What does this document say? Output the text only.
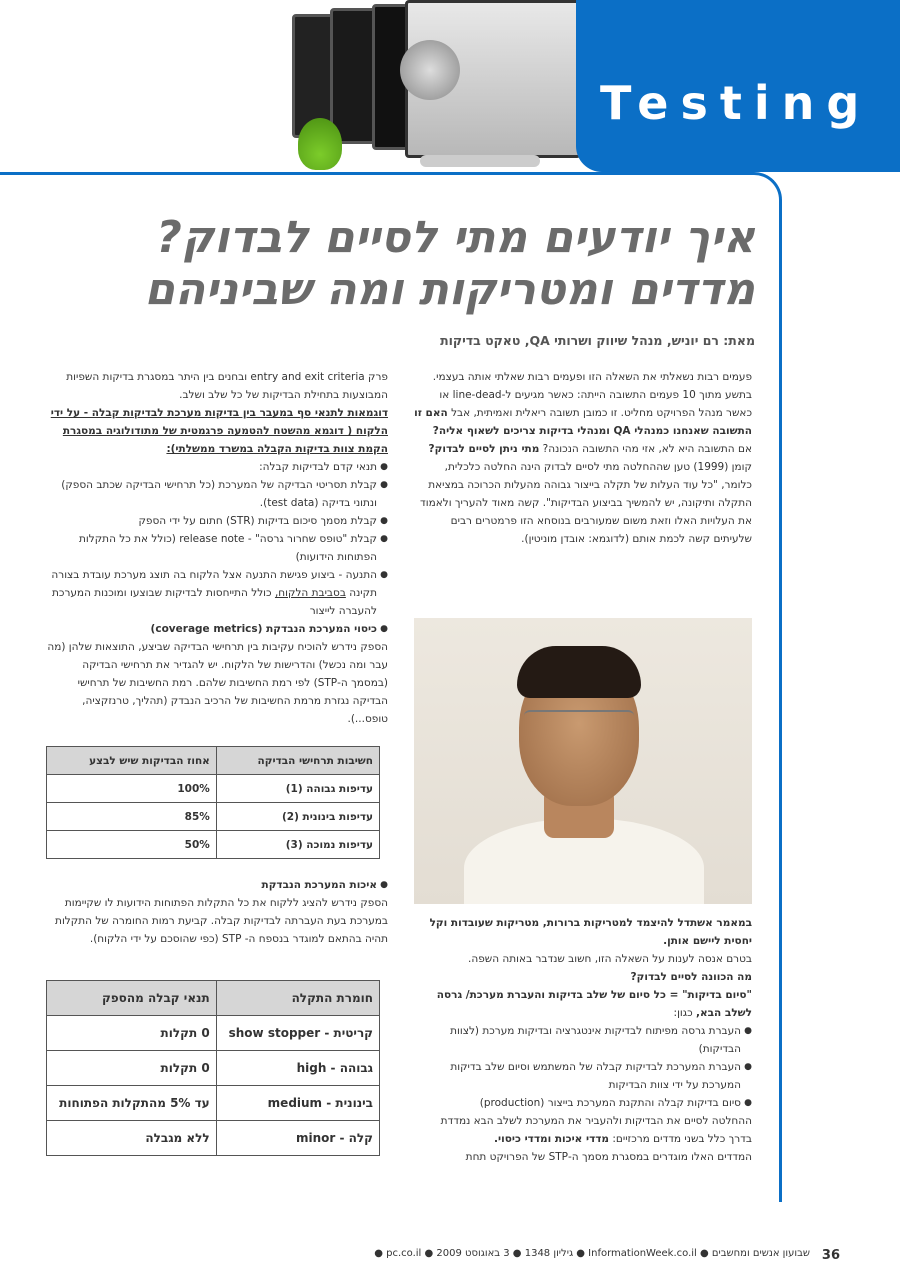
Testing
איך יודעים מתי לסיים לבדוק?
מדדים ומטריקות ומה שביניהם
מאת: רם יוניש, מנהל שיווק ושרותי QA, טאקט בדיקות

פעמים רבות נשאלתי את השאלה הזו ופעמים רבות שאלתי אותה בעצמי. בתשע מתוך 10 פעמים התשובה הייתה: כאשר מגיעים ל-line-dead או כאשר מנהל הפרויקט מחליט. זו כמובן תשובה ריאלית ואמיתית, אבל האם זו התשובה שאנחנו כמנהלי QA ומנהלי בדיקות צריכים לשאוף אליה?

אם התשובה היא לא, אזי מהי התשובה הנכונה? מתי ניתן לסיים לבדוק?

קומן (1999) טען שההחלטה מתי לסיים לבדוק הינה החלטה כלכלית, כלומר, "כל עוד העלות של תקלה בייצור גבוהה מהעלות הכרוכה במציאת התקלה ותיקונה, יש להמשיך בביצוע הבדיקות". קשה מאוד להעריך ולאמוד את העלויות האלו וזאת משום שמעורבים בנוסחא הזו פרמטרים רבים שלעיתים קשה לכמת אותם (לדוגמא: אובדן מוניטין).

במאמר אשתדל להיצמד למטריקות ברורות, מטריקות שעובדות וקל יחסית ליישם אותן.

בטרם אנסה לענות על השאלה הזו, חשוב שנדבר באותה השפה.
מה הכוונה לסיים לבדוק?

"סיום בדיקות" = כל סיום של שלב בדיקות והעברת מערכת/ גרסה לשלב הבא, כגון:

● העברת גרסה מפיתוח לבדיקות אינטגרציה ובדיקות מערכת (לצוות הבדיקות)
● העברת המערכת לבדיקות קבלה של המשתמש וסיום שלב בדיקות המערכת על ידי צוות הבדיקות
● סיום בדיקות קבלה והתקנת המערכת בייצור (production)

ההחלטה לסיים את הבדיקות ולהעביר את המערכת לשלב הבא נמדדת בדרך כלל בשני מדדים מרכזיים: מדדי איכות ומדדי כיסוי.

המדדים האלו מוגדרים במסגרת מסמך ה-STP של הפרויקט תחת

פרק entry and exit criteria ובחנים בין היתר במסגרת בדיקות השפיות המבוצעות בתחילת הבדיקות של כל שלב ושלב.

דוגמאות לתנאי סף במעבר בין בדיקות מערכת לבדיקות קבלה - על ידי הלקוח ( דוגמא מהשטח להטמעה פרגמטית של מתודולוגיה במסגרת הקמת צוות בדיקות הקבלה במשרד ממשלתי):

● תנאי קדם לבדיקות קבלה:
● קבלת תסריטי הבדיקה של המערכת (כל תרחישי הבדיקה שכתב הספק) ונתוני בדיקה (test data).
● קבלת מסמך סיכום בדיקות (STR) חתום על ידי הספק
● קבלת "טופס שחרור גרסה" - release note (כולל את כל התקלות הפתוחות הידועות)
● התנעה - ביצוע פגישת התנעה אצל הלקוח בה תוצג מערכת עובדת בצורה תקינה בסביבת הלקוח, כולל התייחסות לבדיקות שבוצעו ומוכנות המערכת להעברה לייצור
● כיסוי המערכת הנבדקת (coverage metrics)

הספק נידרש להוכיח עקיבות בין תרחישי הבדיקה שביצע, התוצאות שלהן (מה עבר ומה נכשל) והדרישות של הלקוח. יש להגדיר את תרחישי הבדיקה (במסמך ה-STP) לפי רמת החשיבות שלהם. רמת החשיבות של תרחישי הבדיקה נגזרת מרמת החשיבות של הרכיב הנבדק (תהליך, טרנזקציה, טופס...).

חשיבות תרחישי הבדיקה	אחוז הבדיקות שיש לבצע
עדיפות גבוהה (1)	100%
עדיפות בינונית (2)	85%
עדיפות נמוכה (3)	50%
● איכות המערכת הנבדקת

הספק נידרש להציג ללקוח את כל התקלות הפתוחות הידועות לו שקיימות במערכת בעת העברתה לבדיקות קבלה. קביעת רמות החומרה של התקלות תהיה בהתאם למוגדר בנספח ה- STP (כפי שהוסכם על ידי הלקוח).

חומרת התקלה	תנאי קבלה מהספק
קריטית - show stopper	0 תקלות
גבוהה - high	0 תקלות
בינונית - medium	עד 5% מהתקלות הפתוחות
קלה - minor	ללא מגבלה
36
שבועון אנשים ומחשבים ● InformationWeek.co.il ● גיליון 1348 ● 3 באוגוסט 2009 ● pc.co.il ●
